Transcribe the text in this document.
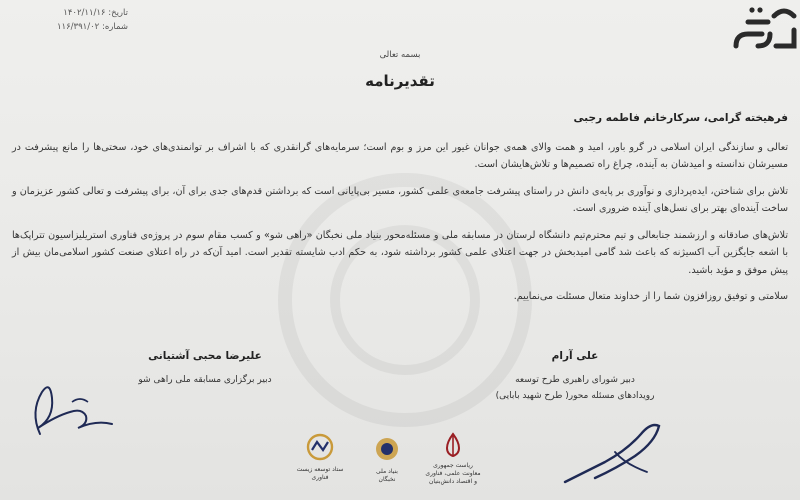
تاریخ: ۱۴۰۲/۱۱/۱۶
شماره: ۱۱۶/۳۹۱/۰۲
بسمه تعالی
تقدیرنامه

فرهیخته گرامی، سرکارخانم فاطمه رجبی

تعالی و سازندگی ایران اسلامی در گرو باور، امید و همت والای همه‌ی جوانان غیور این مرز و بوم است؛ سرمایه‌های گرانقدری که با اشراف بر توانمندی‌های خود، سختی‌ها را مانع پیشرفت در مسیرشان ندانسته و امیدشان به آینده، چراغ راه تصمیم‌ها و تلاش‌هایشان است.

تلاش برای شناختن، ایده‌پردازی و نوآوری بر پایه‌ی دانش در راستای پیشرفت جامعه‌ی علمی کشور، مسیر بی‌پایانی است که برداشتن قدم‌های جدی برای آن، برای پیشرفت و تعالی کشور عزیزمان و ساخت آینده‌ای بهتر برای نسل‌های آینده ضروری است.

تلاش‌های صادقانه و ارزشمند جنابعالی و تیم محترم‌تیم دانشگاه لرستان در مسابقه ملی و مسئله‌محور بنیاد ملی نخبگان «راهی شو» و کسب مقام سوم در پروژه‌ی فناوری استریلیزاسیون تتراپک‌ها با اشعه جایگزین آب اکسیژنه که باعث شد گامی امیدبخش در جهت اعتلای علمی کشور برداشته شود، به حکم ادب شایسته تقدیر است. امید آن‌که در راه اعتلای صنعت کشور اسلامی‌مان بیش از پیش موفق و مؤید باشید.

سلامتی و توفیق روزافزون شما را از خداوند متعال مسئلت می‌نماییم.

علی آرام
دبیر شورای راهبری طرح توسعه
رویدادهای مسئله محور( طرح شهید بابایی)
علیرضا محبی آشتیانی
دبیر برگزاری مسابقه ملی راهی شو
ستاد توسعه زیست فناوری
بنیاد ملی نخبگان
ریاست جمهوری
معاونت علمی، فناوری و اقتصاد دانش‌بنیان
